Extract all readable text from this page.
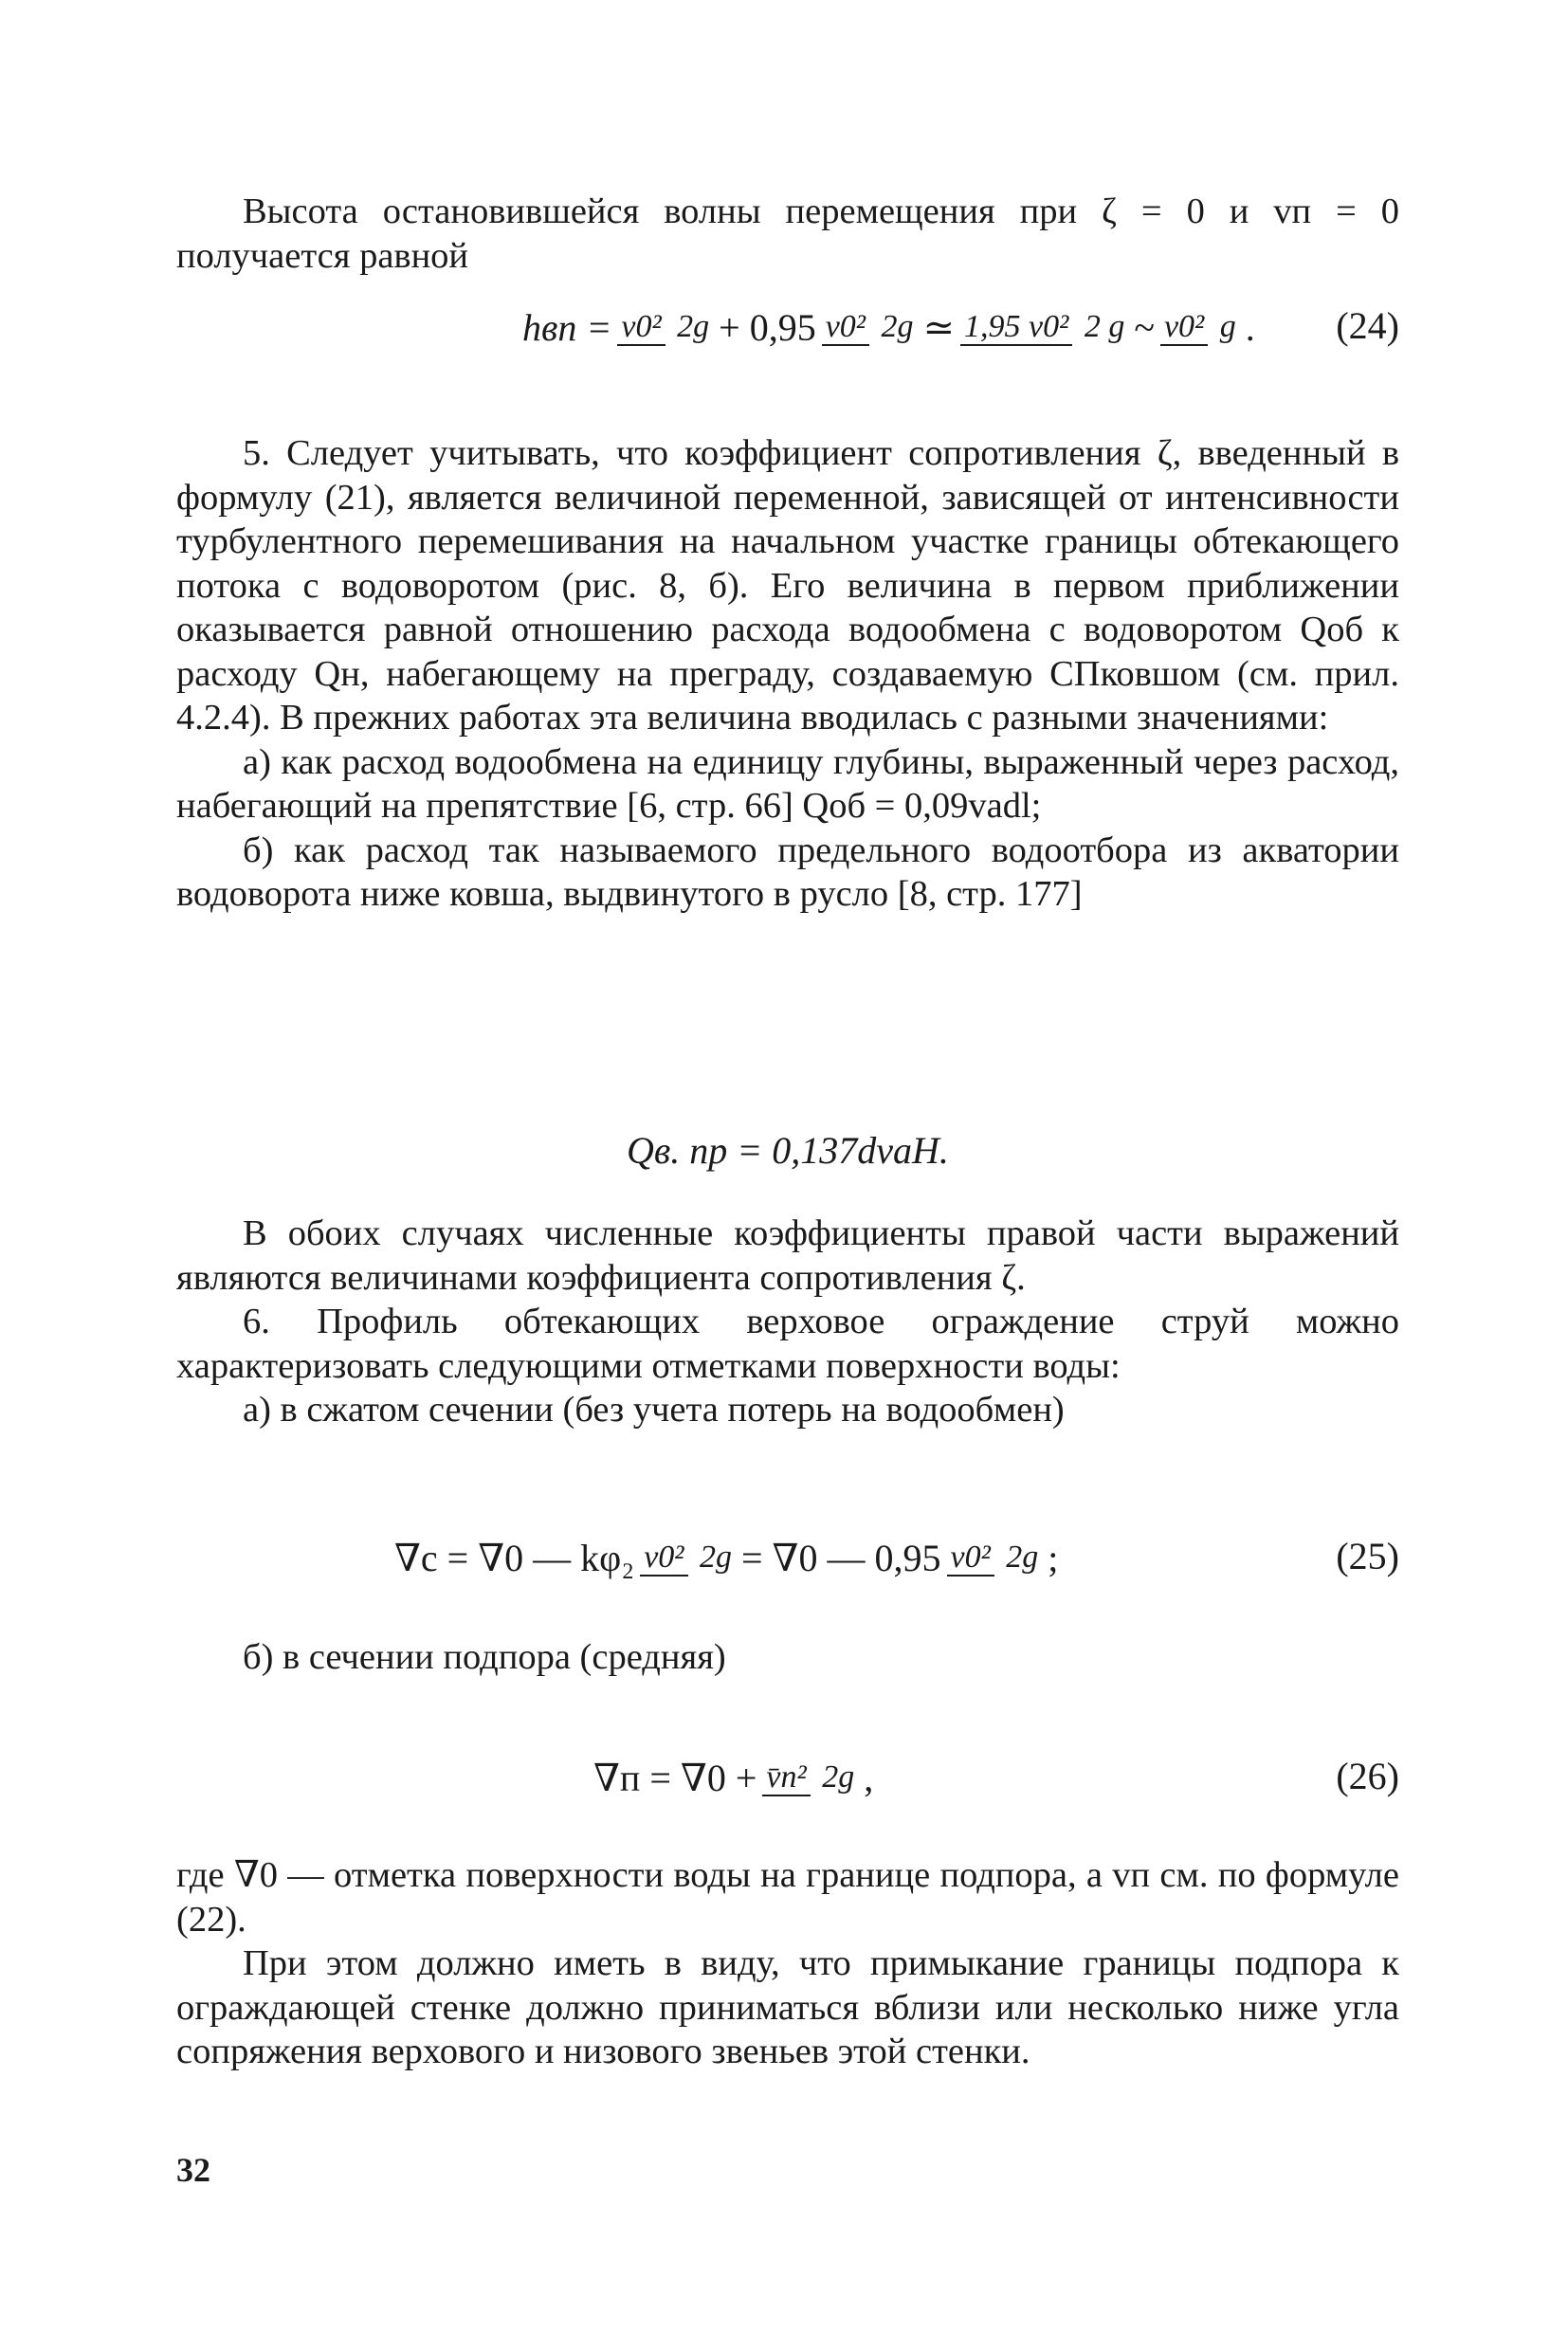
Высота остановившейся волны перемещения при ζ = 0 и vп = 0 получается равной

hвп = v0² 2g + 0,95 v0² 2g ≃ 1,95 v0² 2 g ~ v0² g . (24)

5. Следует учитывать, что коэффициент сопротивления ζ, введенный в формулу (21), является величиной переменной, зависящей от интенсивности турбулентного перемешивания на начальном участке границы обтекающего потока с водоворотом (рис. 8, б). Его величина в первом приближении оказывается равной отношению расхода водообмена с водоворотом Qоб к расходу Qн, набегающему на преграду, создаваемую СПковшом (см. прил. 4.2.4). В прежних работах эта величина вводилась с разными значениями:

а) как расход водообмена на единицу глубины, выраженный через расход, набегающий на препятствие [6, стр. 66] Qоб = 0,09vаdl;

б) как расход так называемого предельного водоотбора из акватории водоворота ниже ковша, выдвинутого в русло [8, стр. 177]

Qв. пр = 0,137dvаH.

В обоих случаях численные коэффициенты правой части выражений являются величинами коэффициента сопротивления ζ.

6. Профиль обтекающих верховое ограждение струй можно характеризовать следующими отметками поверхности воды:

а) в сжатом сечении (без учета потерь на водообмен)

∇c = ∇0 — kφ₂ v0² 2g = ∇0 — 0,95 v0² 2g ;	(25)

б) в сечении подпора (средняя)

∇п = ∇0 + v̄п² 2g ,	(26)

где ∇0 — отметка поверхности воды на границе подпора, а vп см. по формуле (22).

При этом должно иметь в виду, что примыкание границы подпора к ограждающей стенке должно приниматься вблизи или несколько ниже угла сопряжения верхового и низового звеньев этой стенки.

32
